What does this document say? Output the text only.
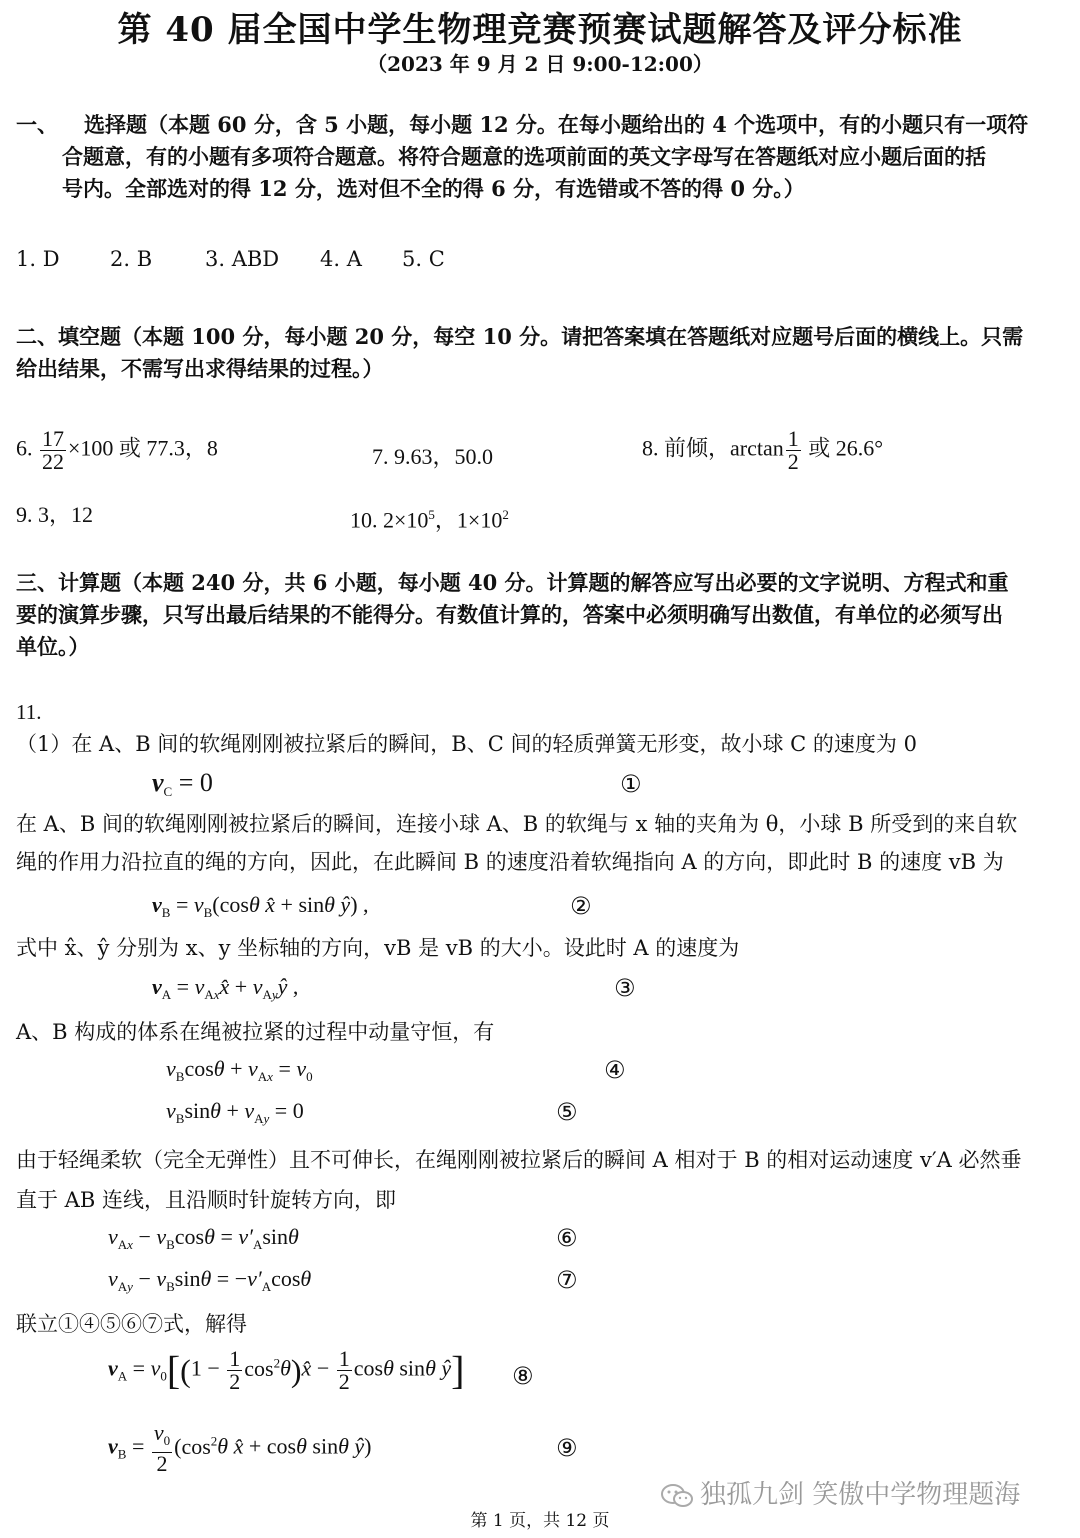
第 40 届全国中学生物理竞赛预赛试题解答及评分标准
（2023 年 9 月 2 日 9:00-12:00）
一、 选择题（本题 60 分，含 5 小题，每小题 12 分。在每小题给出的 4 个选项中，有的小题只有一项符
合题意，有的小题有多项符合题意。将符合题意的选项前面的英文字母写在答题纸对应小题后面的括
号内。全部选对的得 12 分，选对但不全的得 6 分，有选错或不答的得 0 分。）
1. D 2. B	3. ABD 4. A 5. C
二、填空题（本题 100 分，每小题 20 分，每空 10 分。请把答案填在答题纸对应题号后面的横线上。只需
给出结果，不需写出求得结果的过程。）
6. $\frac{17}{22} \times 100$ 或 77.3，8	7. 9.63，50.0	8. 前倾，$\arctan \frac{1}{2}$ 或 26.6°
9. 3，12	10. $2\times 10^5$，$1\times 10^2$
三、计算题（本题 240 分，共 6 小题，每小题 40 分。计算题的解答应写出必要的文字说明、方程式和重
要的演算步骤，只写出最后结果的不能得分。有数值计算的，答案中必须明确写出数值，有单位的必须写出
单位。）
11.
（1）在 A、B 间的软绳刚刚被拉紧后的瞬间，B、C 间的轻质弹簧无形变，故小球 C 的速度为 0
$v_C = 0$	①
在 A、B 间的软绳刚刚被拉紧后的瞬间，连接小球 A、B 的软绳与 x 轴的夹角为 θ，小球 B 所受到的来自软
绳的作用力沿拉直的绳的方向，因此，在此瞬间 B 的速度沿着软绳指向 A 的方向，即此时 B 的速度 vB 为
$v_B = v_B(\cos\theta$ x̂ + sinθ ŷ) ,	②
式中 x̂、ŷ 分别为 x、y 坐标轴的方向，vB 是 vB 的大小。设此时 A 的速度为
$v_A$ = $v_{Ax}x̂$ + $v_{Ay}ŷ$ ,	③
A、B 构成的体系在绳被拉紧的过程中动量守恒，有
$v_B\cos\theta + v_{Ax} = v_0$	④
$v_B\sin\theta + v_{Ay} = 0$	⑤
由于轻绳柔软（完全无弹性）且不可伸长，在绳刚刚被拉紧后的瞬间 A 相对于 B 的相对运动速度 v′A 必然垂
直于 AB 连线，且沿顺时针旋转方向，即
$v_{Ax} - v_B\cos\theta = v'_A\sin\theta$	⑥
$v_{Ay} - v_B\sin\theta = -v'_A\cos\theta$	⑦
联立①④⑤⑥⑦式，解得
$v_A = v_0[(1 - \frac{1}{2}$ $\cos^2\theta)x̂ - \frac{1}{2}$ cosθ sinθ ŷ] ⑧
$v_B = \frac{v_0}{2} (\cos^2\theta$ x̂ + cosθ sinθ ŷ)	⑨
独孤九剑 笑傲中学物理题海
第 1 页，共 12 页
